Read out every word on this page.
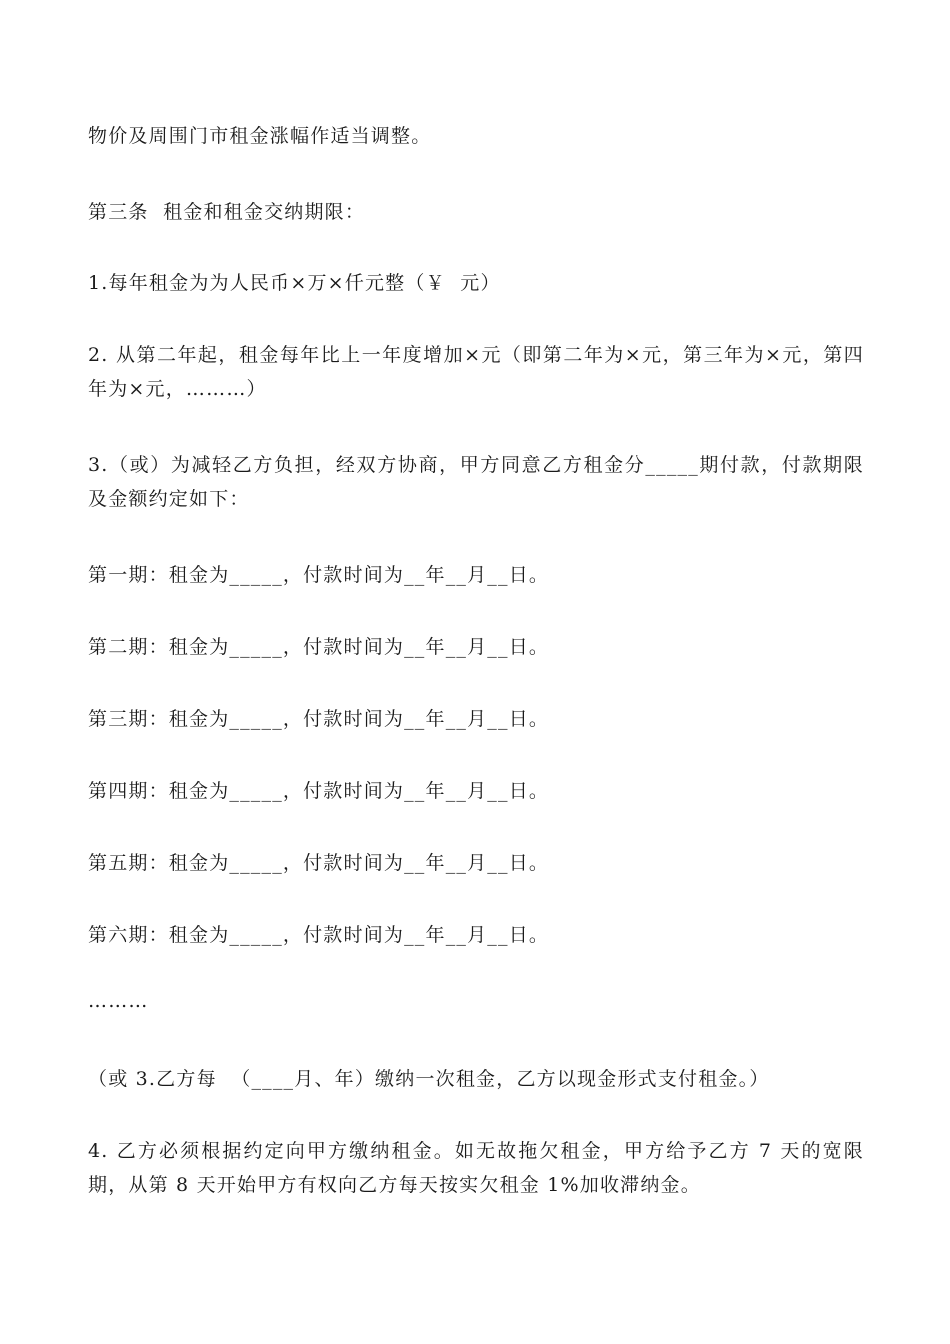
物价及周围门市租金涨幅作适当调整。

第三条  租金和租金交纳期限：

1.每年租金为为人民币×万×仟元整（￥  元）

2. 从第二年起，租金每年比上一年度增加×元（即第二年为×元，第三年为×元，第四年为×元，………）

3.（或）为减轻乙方负担，经双方协商，甲方同意乙方租金分_____期付款，付款期限及金额约定如下：

第一期：租金为_____，付款时间为__年__月__日。

第二期：租金为_____，付款时间为__年__月__日。

第三期：租金为_____，付款时间为__年__月__日。

第四期：租金为_____，付款时间为__年__月__日。

第五期：租金为_____，付款时间为__年__月__日。

第六期：租金为_____，付款时间为__年__月__日。

………

（或 3.乙方每  （____月、年）缴纳一次租金，乙方以现金形式支付租金。）

4. 乙方必须根据约定向甲方缴纳租金。如无故拖欠租金，甲方给予乙方 7 天的宽限期，从第 8 天开始甲方有权向乙方每天按实欠租金 1%加收滞纳金。
